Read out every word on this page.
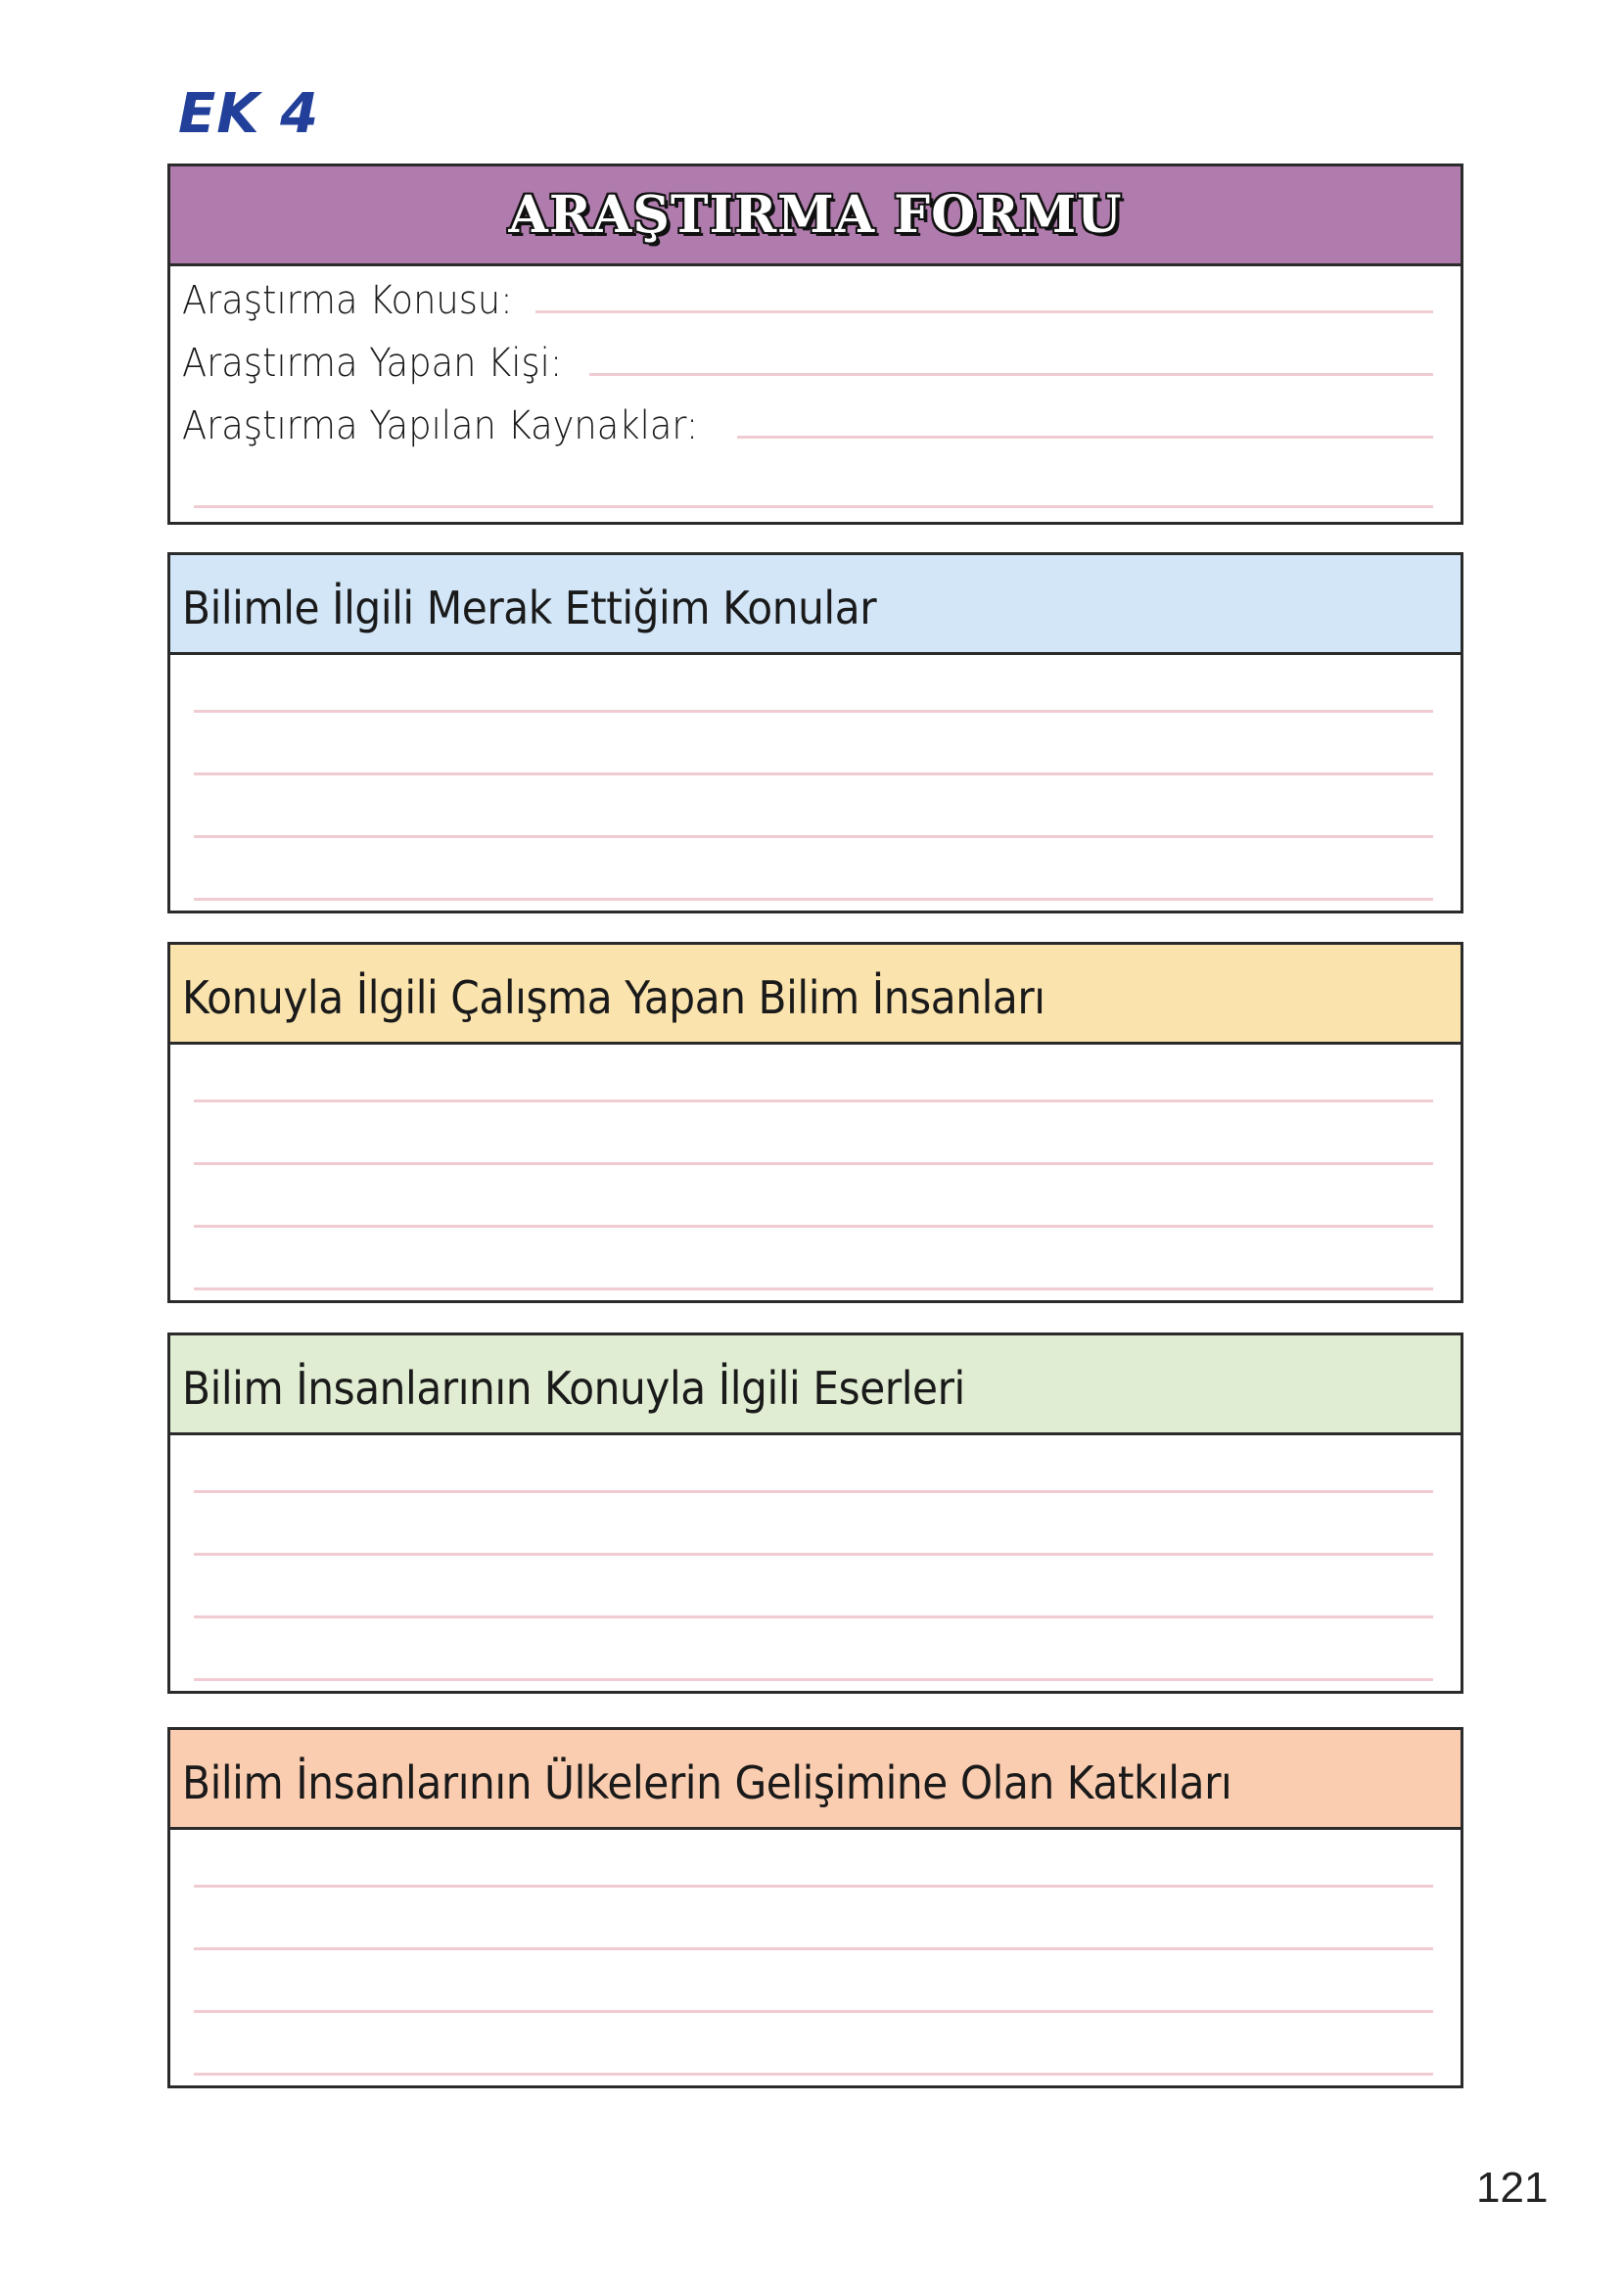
EK 4
ARAŞTIRMA FORMU
Araştırma Konusu:
Araştırma Yapan Kişi:
Araştırma Yapılan Kaynaklar:
Bilimle İlgili Merak Ettiğim Konular
Konuyla İlgili Çalışma Yapan Bilim İnsanları
Bilim İnsanlarının Konuyla İlgili Eserleri
Bilim İnsanlarının Ülkelerin Gelişimine Olan Katkıları
121
